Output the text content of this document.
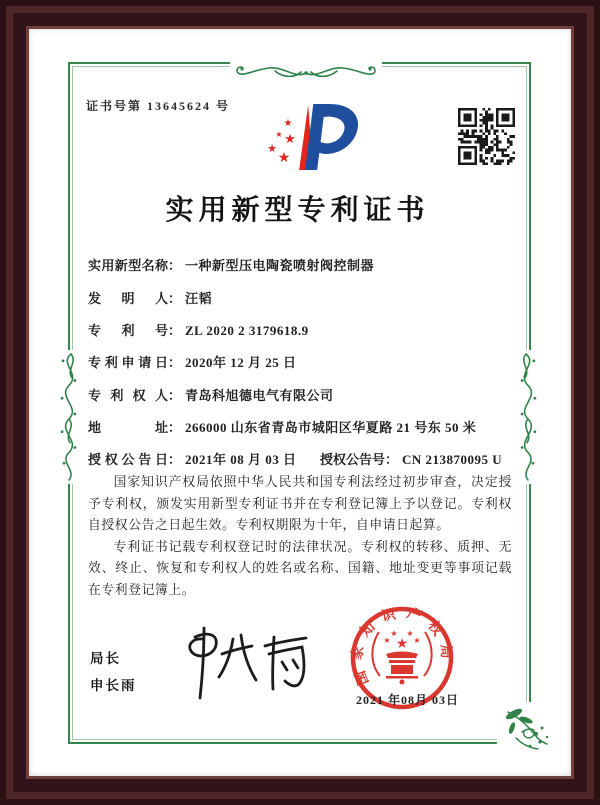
证书号第 13645624 号
★
★ ★
★
★
实用新型专利证书
实用新型名称： 一种新型压电陶瓷喷射阀控制器
发明人： 汪韬
专利号： ZL 2020 2 3179618.9
专利申请日： 2020年 12 月 25 日
专利权人： 青岛科旭德电气有限公司
地址： 266000 山东省青岛市城阳区华夏路 21 号东 50 米
授权公告日： 2021年 08 月 03 日 授权公告号： CN 213870095 U

国家知识产权局依照中华人民共和国专利法经过初步审查，决定授予专利权，颁发实用新型专利证书并在专利登记簿上予以登记。专利权自授权公告之日起生效。专利权期限为十年，自申请日起算。

专利证书记载专利权登记时的法律状况。专利权的转移、质押、无效、终止、恢复和专利权人的姓名或名称、国籍、地址变更等事项记载在专利登记簿上。

局长
申长雨	国家知识产权局
★
★
★ ★
★
2021 年08月 03日
